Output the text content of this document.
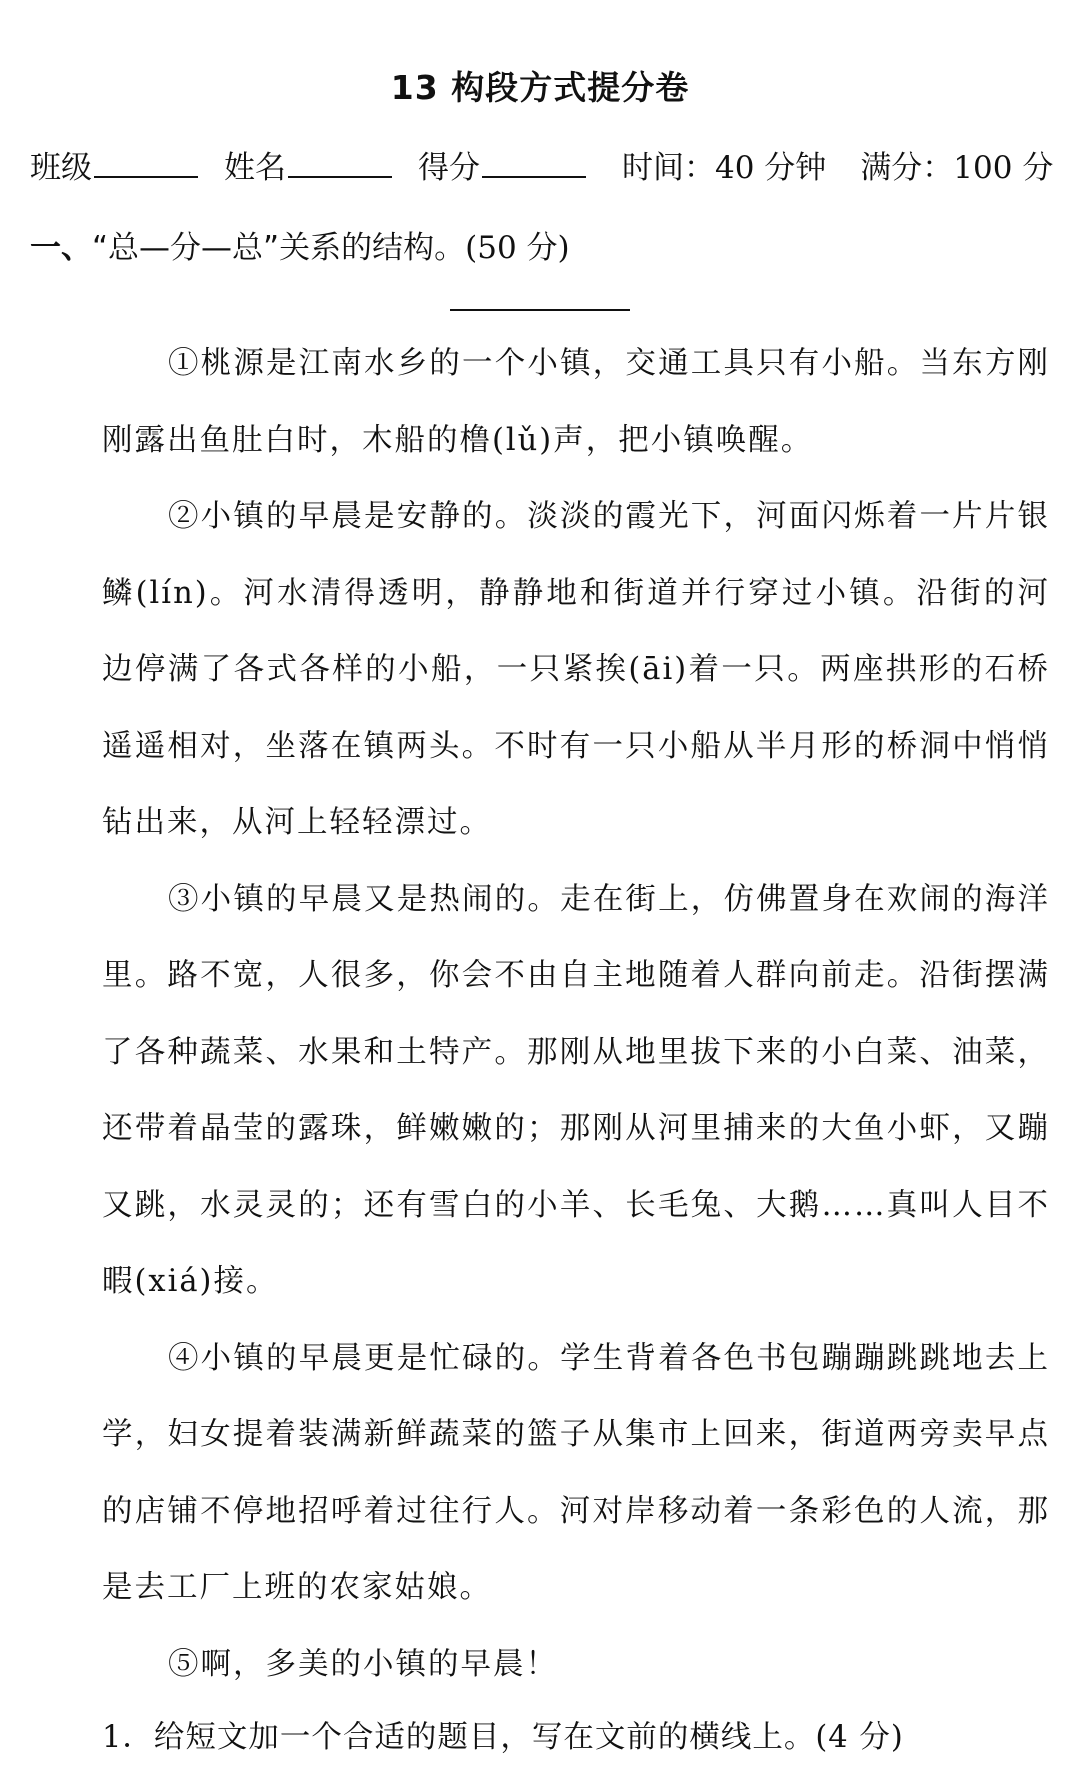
13 构段方式提分卷
班级	姓名	得分	时间：40 分钟 满分：100 分
一、“总—分—总”关系的结构。(50 分)

①桃源是江南水乡的一个小镇，交通工具只有小船。当东方刚刚露出鱼肚白时，木船的橹(lǔ)声，把小镇唤醒。

②小镇的早晨是安静的。淡淡的霞光下，河面闪烁着一片片银鳞(lín)。河水清得透明，静静地和街道并行穿过小镇。沿街的河边停满了各式各样的小船，一只紧挨(āi)着一只。两座拱形的石桥遥遥相对，坐落在镇两头。不时有一只小船从半月形的桥洞中悄悄钻出来，从河上轻轻漂过。

③小镇的早晨又是热闹的。走在街上，仿佛置身在欢闹的海洋里。路不宽，人很多，你会不由自主地随着人群向前走。沿街摆满了各种蔬菜、水果和土特产。那刚从地里拔下来的小白菜、油菜，还带着晶莹的露珠，鲜嫩嫩的；那刚从河里捕来的大鱼小虾，又蹦又跳，水灵灵的；还有雪白的小羊、长毛兔、大鹅……真叫人目不暇(xiá)接。

④小镇的早晨更是忙碌的。学生背着各色书包蹦蹦跳跳地去上学，妇女提着装满新鲜蔬菜的篮子从集市上回来，街道两旁卖早点的店铺不停地招呼着过往行人。河对岸移动着一条彩色的人流，那是去工厂上班的农家姑娘。

⑤啊，多美的小镇的早晨！

1．给短文加一个合适的题目，写在文前的横线上。(4 分)
